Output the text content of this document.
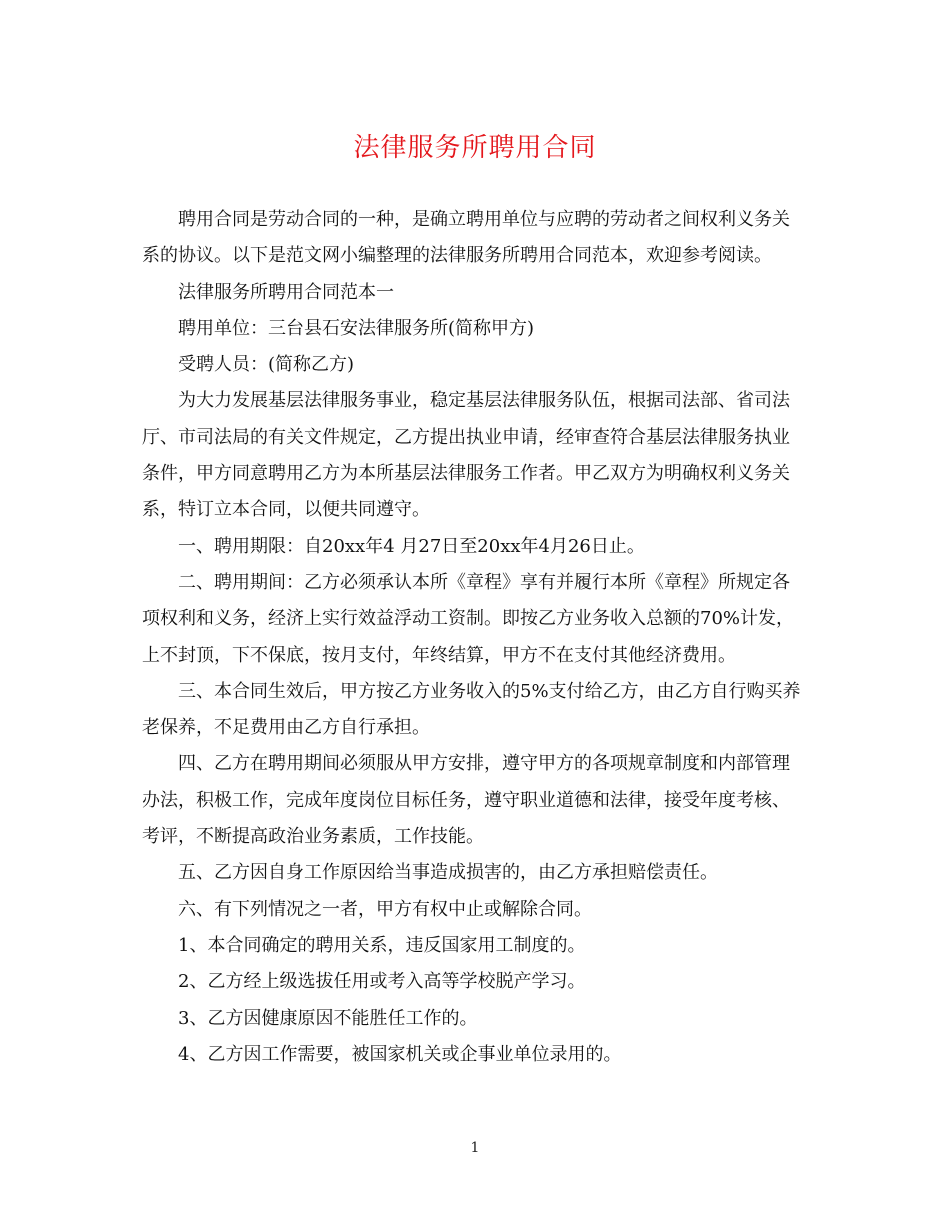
法律服务所聘用合同

聘用合同是劳动合同的一种，是确立聘用单位与应聘的劳动者之间权利义务关系的协议。以下是范文网小编整理的法律服务所聘用合同范本，欢迎参考阅读。

法律服务所聘用合同范本一

聘用单位：三台县石安法律服务所(简称甲方)

受聘人员：(简称乙方)

为大力发展基层法律服务事业，稳定基层法律服务队伍，根据司法部、省司法厅、市司法局的有关文件规定，乙方提出执业申请，经审查符合基层法律服务执业条件，甲方同意聘用乙方为本所基层法律服务工作者。甲乙双方为明确权利义务关系，特订立本合同，以便共同遵守。

一、聘用期限：自20xx年4 月27日至20xx年4月26日止。

二、聘用期间：乙方必须承认本所《章程》享有并履行本所《章程》所规定各项权利和义务，经济上实行效益浮动工资制。即按乙方业务收入总额的70%计发，上不封顶，下不保底，按月支付，年终结算，甲方不在支付其他经济费用。

三、本合同生效后，甲方按乙方业务收入的5%支付给乙方，由乙方自行购买养老保养，不足费用由乙方自行承担。

四、乙方在聘用期间必须服从甲方安排，遵守甲方的各项规章制度和内部管理办法，积极工作，完成年度岗位目标任务，遵守职业道德和法律，接受年度考核、考评，不断提高政治业务素质，工作技能。

五、乙方因自身工作原因给当事造成损害的，由乙方承担赔偿责任。

六、有下列情况之一者，甲方有权中止或解除合同。

1、本合同确定的聘用关系，违反国家用工制度的。

2、乙方经上级选拔任用或考入高等学校脱产学习。

3、乙方因健康原因不能胜任工作的。

4、乙方因工作需要，被国家机关或企事业单位录用的。

1
